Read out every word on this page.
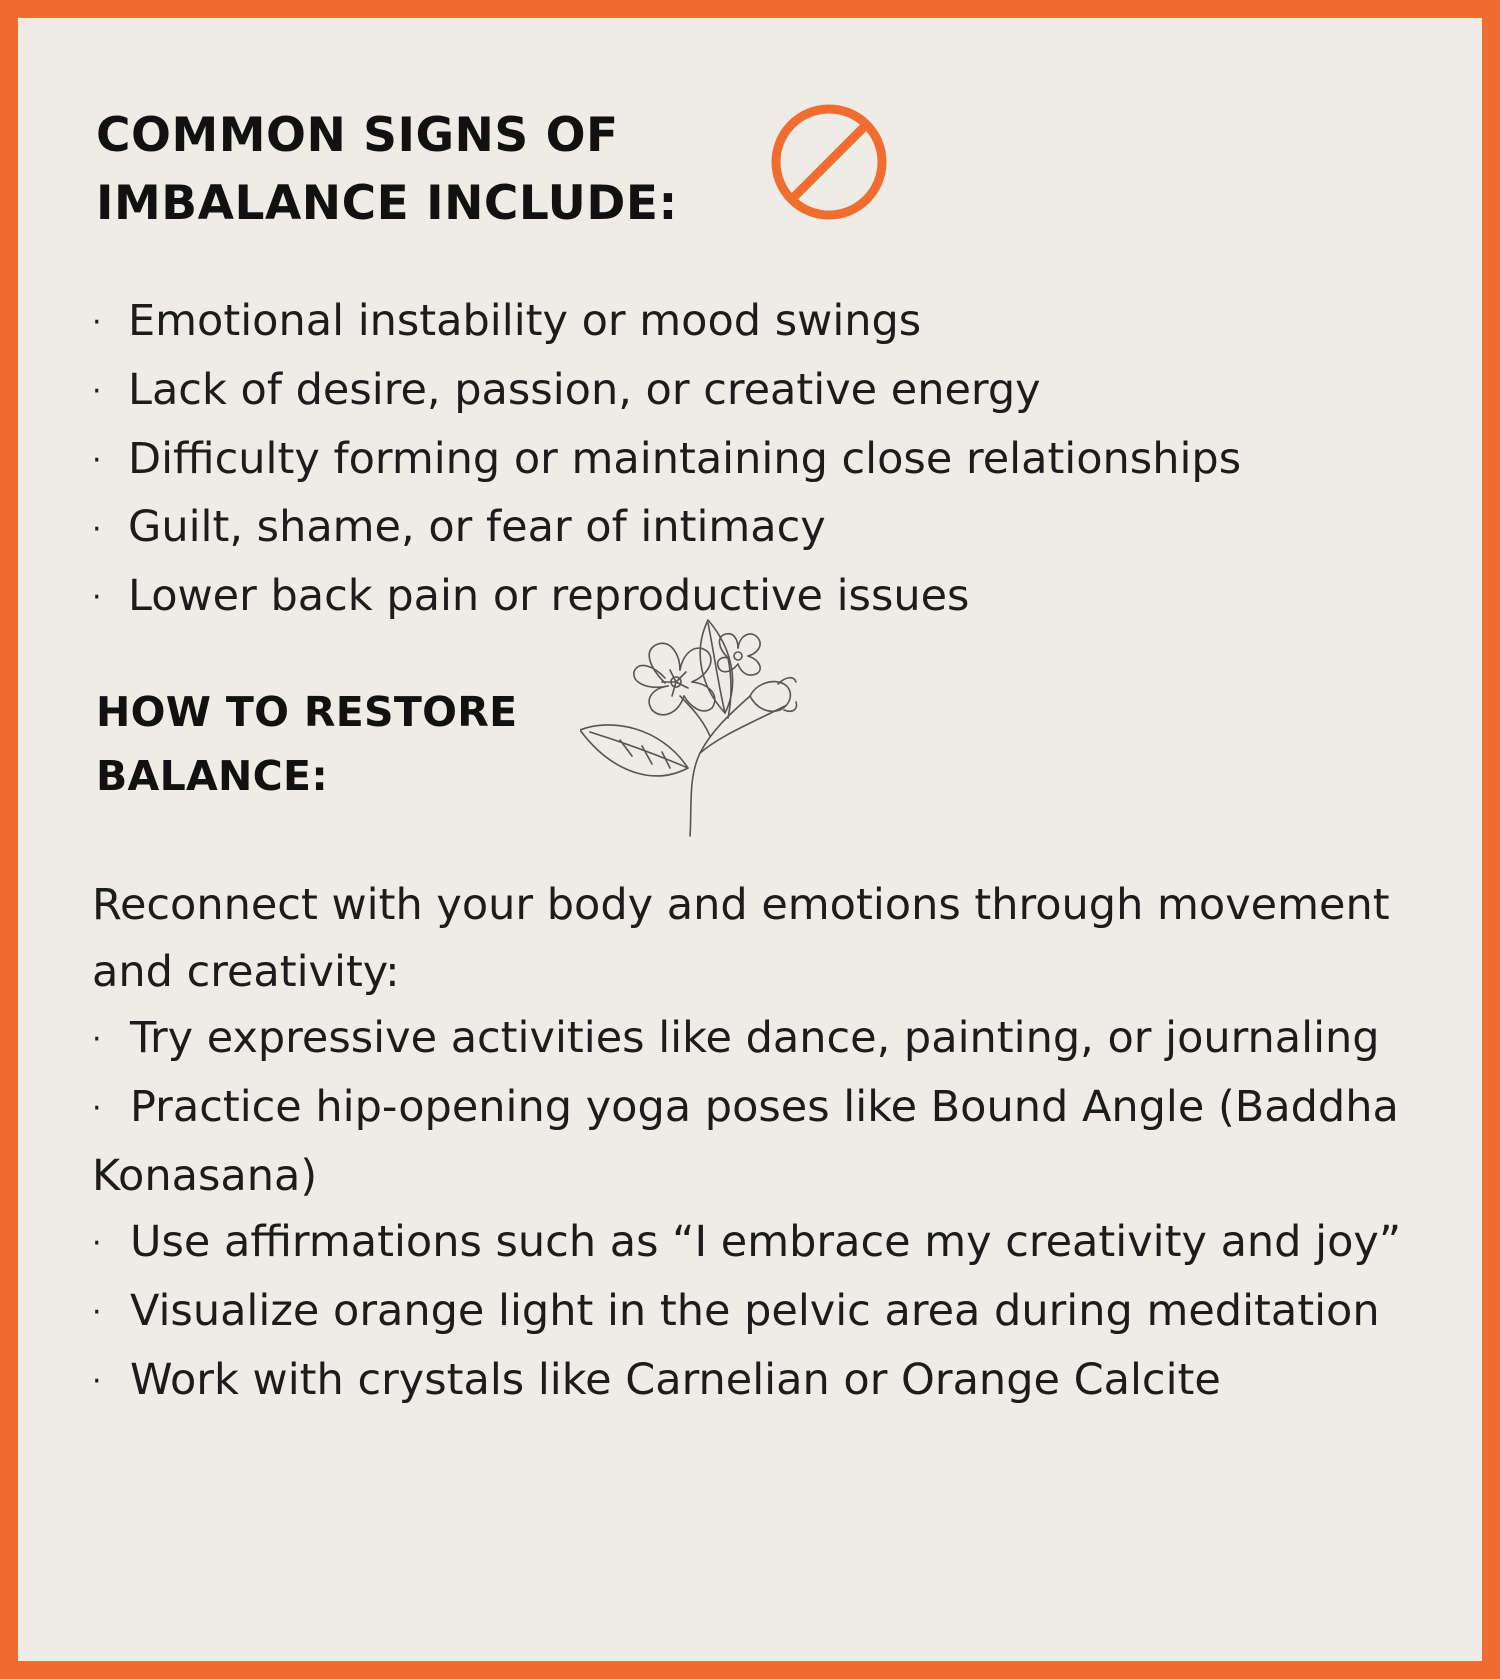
COMMON SIGNS OF
IMBALANCE INCLUDE:
· Emotional instability or mood swings
· Lack of desire, passion, or creative energy
· Difficulty forming or maintaining close relationships
· Guilt, shame, or fear of intimacy
· Lower back pain or reproductive issues
HOW TO RESTORE
BALANCE:

Reconnect with your body and emotions through movement and creativity:

· Try expressive activities like dance, painting, or journaling

· Practice hip-opening yoga poses like Bound Angle (Baddha Konasana)

· Use affirmations such as “I embrace my creativity and joy”

· Visualize orange light in the pelvic area during meditation

· Work with crystals like Carnelian or Orange Calcite
